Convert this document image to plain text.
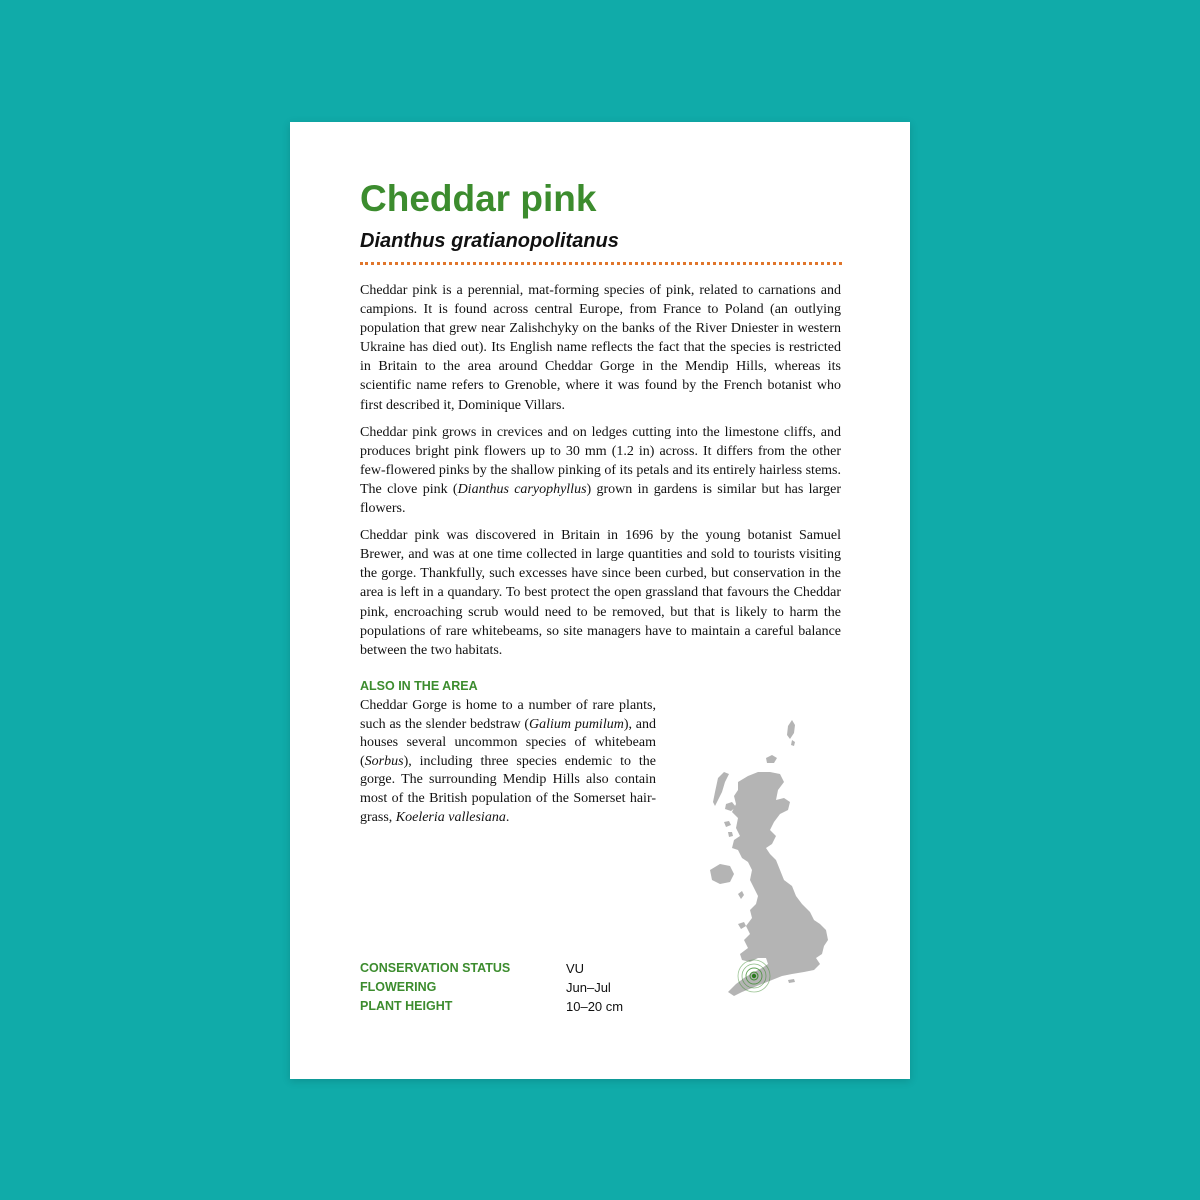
Cheddar pink
Dianthus gratianopolitanus

Cheddar pink is a perennial, mat-forming species of pink, related to carnations and campions. It is found across central Europe, from France to Poland (an outlying population that grew near Zalishchyky on the banks of the River Dniester in western Ukraine has died out). Its English name reflects the fact that the species is restricted in Britain to the area around Cheddar Gorge in the Mendip Hills, whereas its scientific name refers to Grenoble, where it was found by the French botanist who first described it, Dominique Villars.

Cheddar pink grows in crevices and on ledges cutting into the limestone cliffs, and produces bright pink flowers up to 30 mm (1.2 in) across. It differs from the other few-flowered pinks by the shallow pinking of its petals and its entirely hairless stems. The clove pink (Dianthus caryophyllus) grown in gardens is similar but has larger flowers.

Cheddar pink was discovered in Britain in 1696 by the young botanist Samuel Brewer, and was at one time collected in large quantities and sold to tourists visiting the gorge. Thankfully, such excesses have since been curbed, but conservation in the area is left in a quandary. To best protect the open grassland that favours the Cheddar pink, encroaching scrub would need to be removed, but that is likely to harm the populations of rare whitebeams, so site managers have to maintain a careful balance between the two habitats.

ALSO IN THE AREA

Cheddar Gorge is home to a number of rare plants, such as the slender bedstraw (Galium pumilum), and houses several uncommon species of whitebeam (Sorbus), including three species endemic to the gorge. The surrounding Mendip Hills also contain most of the British population of the Somerset hair-grass, Koeleria vallesiana.

CONSERVATION STATUS	VU
FLOWERING	Jun–Jul
PLANT HEIGHT	10–20 cm
